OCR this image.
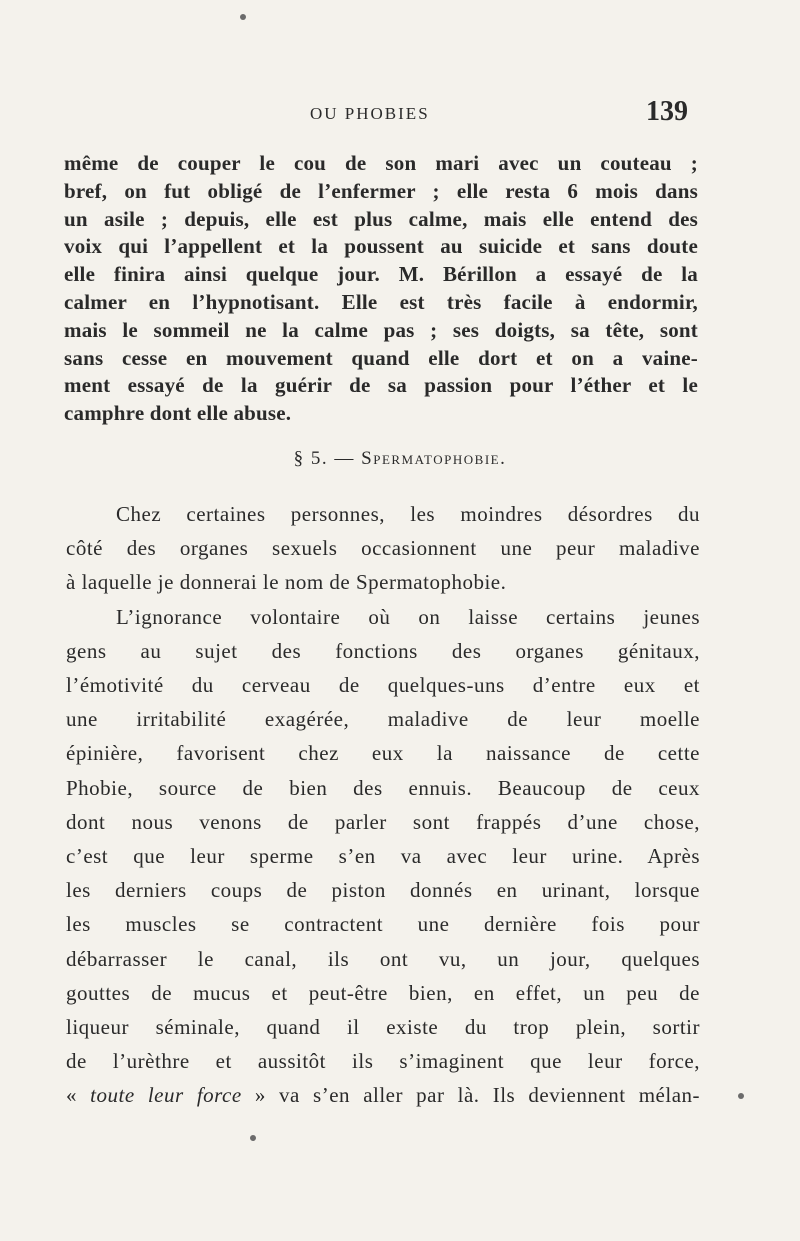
OU PHOBIES	139
même de couper le cou de son mari avec un couteau ;
bref, on fut obligé de l’enfermer ; elle resta 6 mois dans
un asile ; depuis, elle est plus calme, mais elle entend des
voix qui l’appellent et la poussent au suicide et sans doute
elle finira ainsi quelque jour. M. Bérillon a essayé de la
calmer en l’hypnotisant. Elle est très facile à endormir,
mais le sommeil ne la calme pas ; ses doigts, sa tête, sont
sans cesse en mouvement quand elle dort et on a vaine-
ment essayé de la guérir de sa passion pour l’éther et le
camphre dont elle abuse.
§ 5. — Spermatophobie.
Chez certaines personnes, les moindres désordres du
côté des organes sexuels occasionnent une peur maladive
à laquelle je donnerai le nom de Spermatophobie.
L’ignorance volontaire où on laisse certains jeunes
gens au sujet des fonctions des organes génitaux,
l’émotivité du cerveau de quelques-uns d’entre eux et
une irritabilité exagérée, maladive de leur moelle
épinière, favorisent chez eux la naissance de cette
Phobie, source de bien des ennuis. Beaucoup de ceux
dont nous venons de parler sont frappés d’une chose,
c’est que leur sperme s’en va avec leur urine. Après
les derniers coups de piston donnés en urinant, lorsque
les muscles se contractent une dernière fois pour
débarrasser le canal, ils ont vu, un jour, quelques
gouttes de mucus et peut-être bien, en effet, un peu de
liqueur séminale, quand il existe du trop plein, sortir
de l’urèthre et aussitôt ils s’imaginent que leur force,
« toute leur force » va s’en aller par là. Ils deviennent mélan-
